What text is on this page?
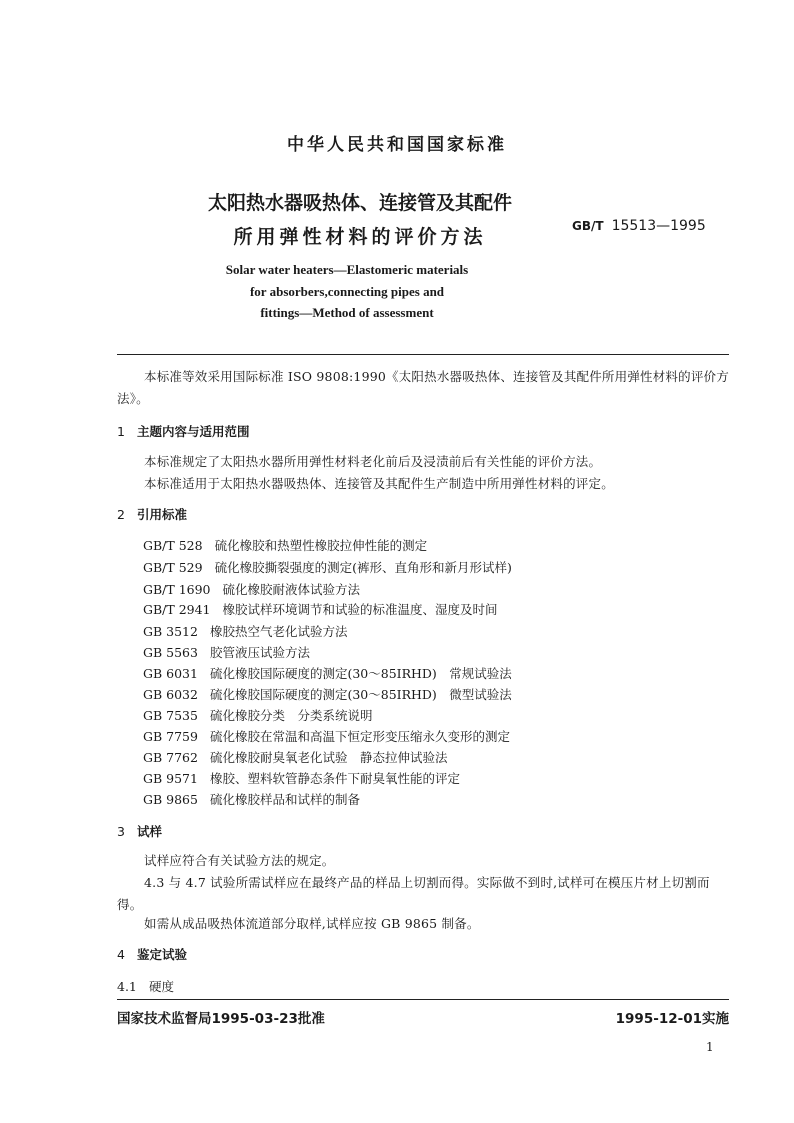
中华人民共和国国家标准
太阳热水器吸热体、连接管及其配件
所用弹性材料的评价方法	GB/T 15513—1995
Solar water heaters—Elastomeric materials
for absorbers,connecting pipes and
fittings—Method of assessment
本标准等效采用国际标准 ISO 9808:1990《太阳热水器吸热体、连接管及其配件所用弹性材料的评价方法》。
1 主题内容与适用范围
本标准规定了太阳热水器所用弹性材料老化前后及浸渍前后有关性能的评价方法。
本标准适用于太阳热水器吸热体、连接管及其配件生产制造中所用弹性材料的评定。
2 引用标准
GB/T 528 硫化橡胶和热塑性橡胶拉伸性能的测定
GB/T 529 硫化橡胶撕裂强度的测定(裤形、直角形和新月形试样)
GB/T 1690 硫化橡胶耐液体试验方法
GB/T 2941 橡胶试样环境调节和试验的标准温度、湿度及时间
GB 3512 橡胶热空气老化试验方法
GB 5563 胶管液压试验方法
GB 6031 硫化橡胶国际硬度的测定(30～85IRHD)　常规试验法
GB 6032 硫化橡胶国际硬度的测定(30～85IRHD)　微型试验法
GB 7535 硫化橡胶分类　分类系统说明
GB 7759 硫化橡胶在常温和高温下恒定形变压缩永久变形的测定
GB 7762 硫化橡胶耐臭氧老化试验　静态拉伸试验法
GB 9571 橡胶、塑料软管静态条件下耐臭氧性能的评定
GB 9865 硫化橡胶样品和试样的制备
3 试样
试样应符合有关试验方法的规定。
4.3 与 4.7 试验所需试样应在最终产品的样品上切割而得。实际做不到时,试样可在模压片材上切割而得。
如需从成品吸热体流道部分取样,试样应按 GB 9865 制备。
4 鉴定试验
4.1 硬度
国家技术监督局1995-03-23批准	1995-12-01实施
1
